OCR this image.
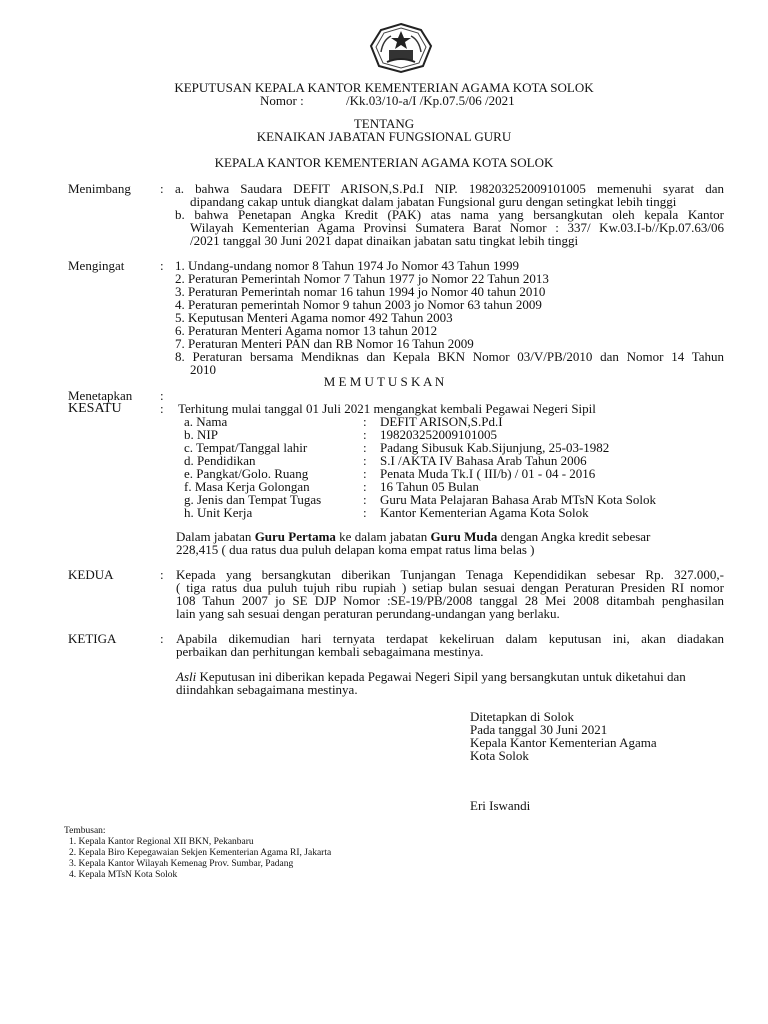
KEPUTUSAN KEPALA KANTOR KEMENTERIAN AGAMA KOTA SOLOK
Nomor :	/Kk.03/10-a/I /Kp.07.5/06 /2021
TENTANG
KENAIKAN JABATAN FUNGSIONAL GURU
KEPALA KANTOR KEMENTERIAN AGAMA KOTA SOLOK
Menimbang : a. bahwa Saudara DEFIT ARISON,S.Pd.I NIP. 198203252009101005 memenuhi syarat dan
dipandang cakap untuk diangkat dalam jabatan Fungsional guru dengan setingkat lebih tinggi
b. bahwa Penetapan Angka Kredit (PAK) atas nama yang bersangkutan oleh kepala Kantor
Wilayah Kementerian Agama Provinsi Sumatera Barat Nomor : 337/ Kw.03.I-b//Kp.07.63/06
/2021 tanggal 30 Juni 2021 dapat dinaikan jabatan satu tingkat lebih tinggi
Mengingat	: 1. Undang-undang nomor 8 Tahun 1974 Jo Nomor 43 Tahun 1999
2. Peraturan Pemerintah Nomor 7 Tahun 1977 jo Nomor 22 Tahun 2013
3. Peraturan Pemerintah nomar 16 tahun 1994 jo Nomor 40 tahun 2010
4. Peraturan pemerintah Nomor 9 tahun 2003 jo Nomor 63 tahun 2009
5. Keputusan Menteri Agama nomor 492 Tahun 2003
6. Peraturan Menteri Agama nomor 13 tahun 2012
7. Peraturan Menteri PAN dan RB Nomor 16 Tahun 2009
8. Peraturan bersama Mendiknas dan Kepala BKN Nomor 03/V/PB/2010 dan Nomor 14 Tahun
2010
M E M U T U S K A N
Menetapkan :
KESATU	: Terhitung mulai tanggal 01 Juli 2021 mengangkat kembali Pegawai Negeri Sipil
a. Nama	: DEFIT ARISON,S.Pd.I
b. NIP	: 198203252009101005
c. Tempat/Tanggal lahir	: Padang Sibusuk Kab.Sijunjung, 25-03-1982
d. Pendidikan	: S.I /AKTA IV Bahasa Arab Tahun 2006
e. Pangkat/Golo. Ruang	: Penata Muda Tk.I ( III/b) / 01 - 04 - 2016
f. Masa Kerja Golongan	: 16 Tahun 05 Bulan
g. Jenis dan Tempat Tugas	: Guru Mata Pelajaran Bahasa Arab MTsN Kota Solok
h. Unit Kerja	: Kantor Kementerian Agama Kota Solok
Dalam jabatan Guru Pertama ke dalam jabatan Guru Muda dengan Angka kredit sebesar
228,415 ( dua ratus dua puluh delapan koma empat ratus lima belas )
KEDUA	: Kepada yang bersangkutan diberikan Tunjangan Tenaga Kependidikan sebesar Rp. 327.000,-
( tiga ratus dua puluh tujuh ribu rupiah ) setiap bulan sesuai dengan Peraturan Presiden RI nomor
108 Tahun 2007 jo SE DJP Nomor :SE-19/PB/2008 tanggal 28 Mei 2008 ditambah penghasilan
lain yang sah sesuai dengan peraturan perundang-undangan yang berlaku.
KETIGA	: Apabila dikemudian hari ternyata terdapat kekeliruan dalam keputusan ini, akan diadakan
perbaikan dan perhitungan kembali sebagaimana mestinya.
Asli Keputusan ini diberikan kepada Pegawai Negeri Sipil yang bersangkutan untuk diketahui dan
diindahkan sebagaimana mestinya.
Ditetapkan di Solok
Pada tanggal 30 Juni 2021
Kepala Kantor Kementerian Agama
Kota Solok
Eri Iswandi
Tembusan:
1. Kepala Kantor Regional XII BKN, Pekanbaru
2. Kepala Biro Kepegawaian Sekjen Kementerian Agama RI, Jakarta
3. Kepala Kantor Wilayah Kemenag Prov. Sumbar, Padang
4. Kepala MTsN Kota Solok
